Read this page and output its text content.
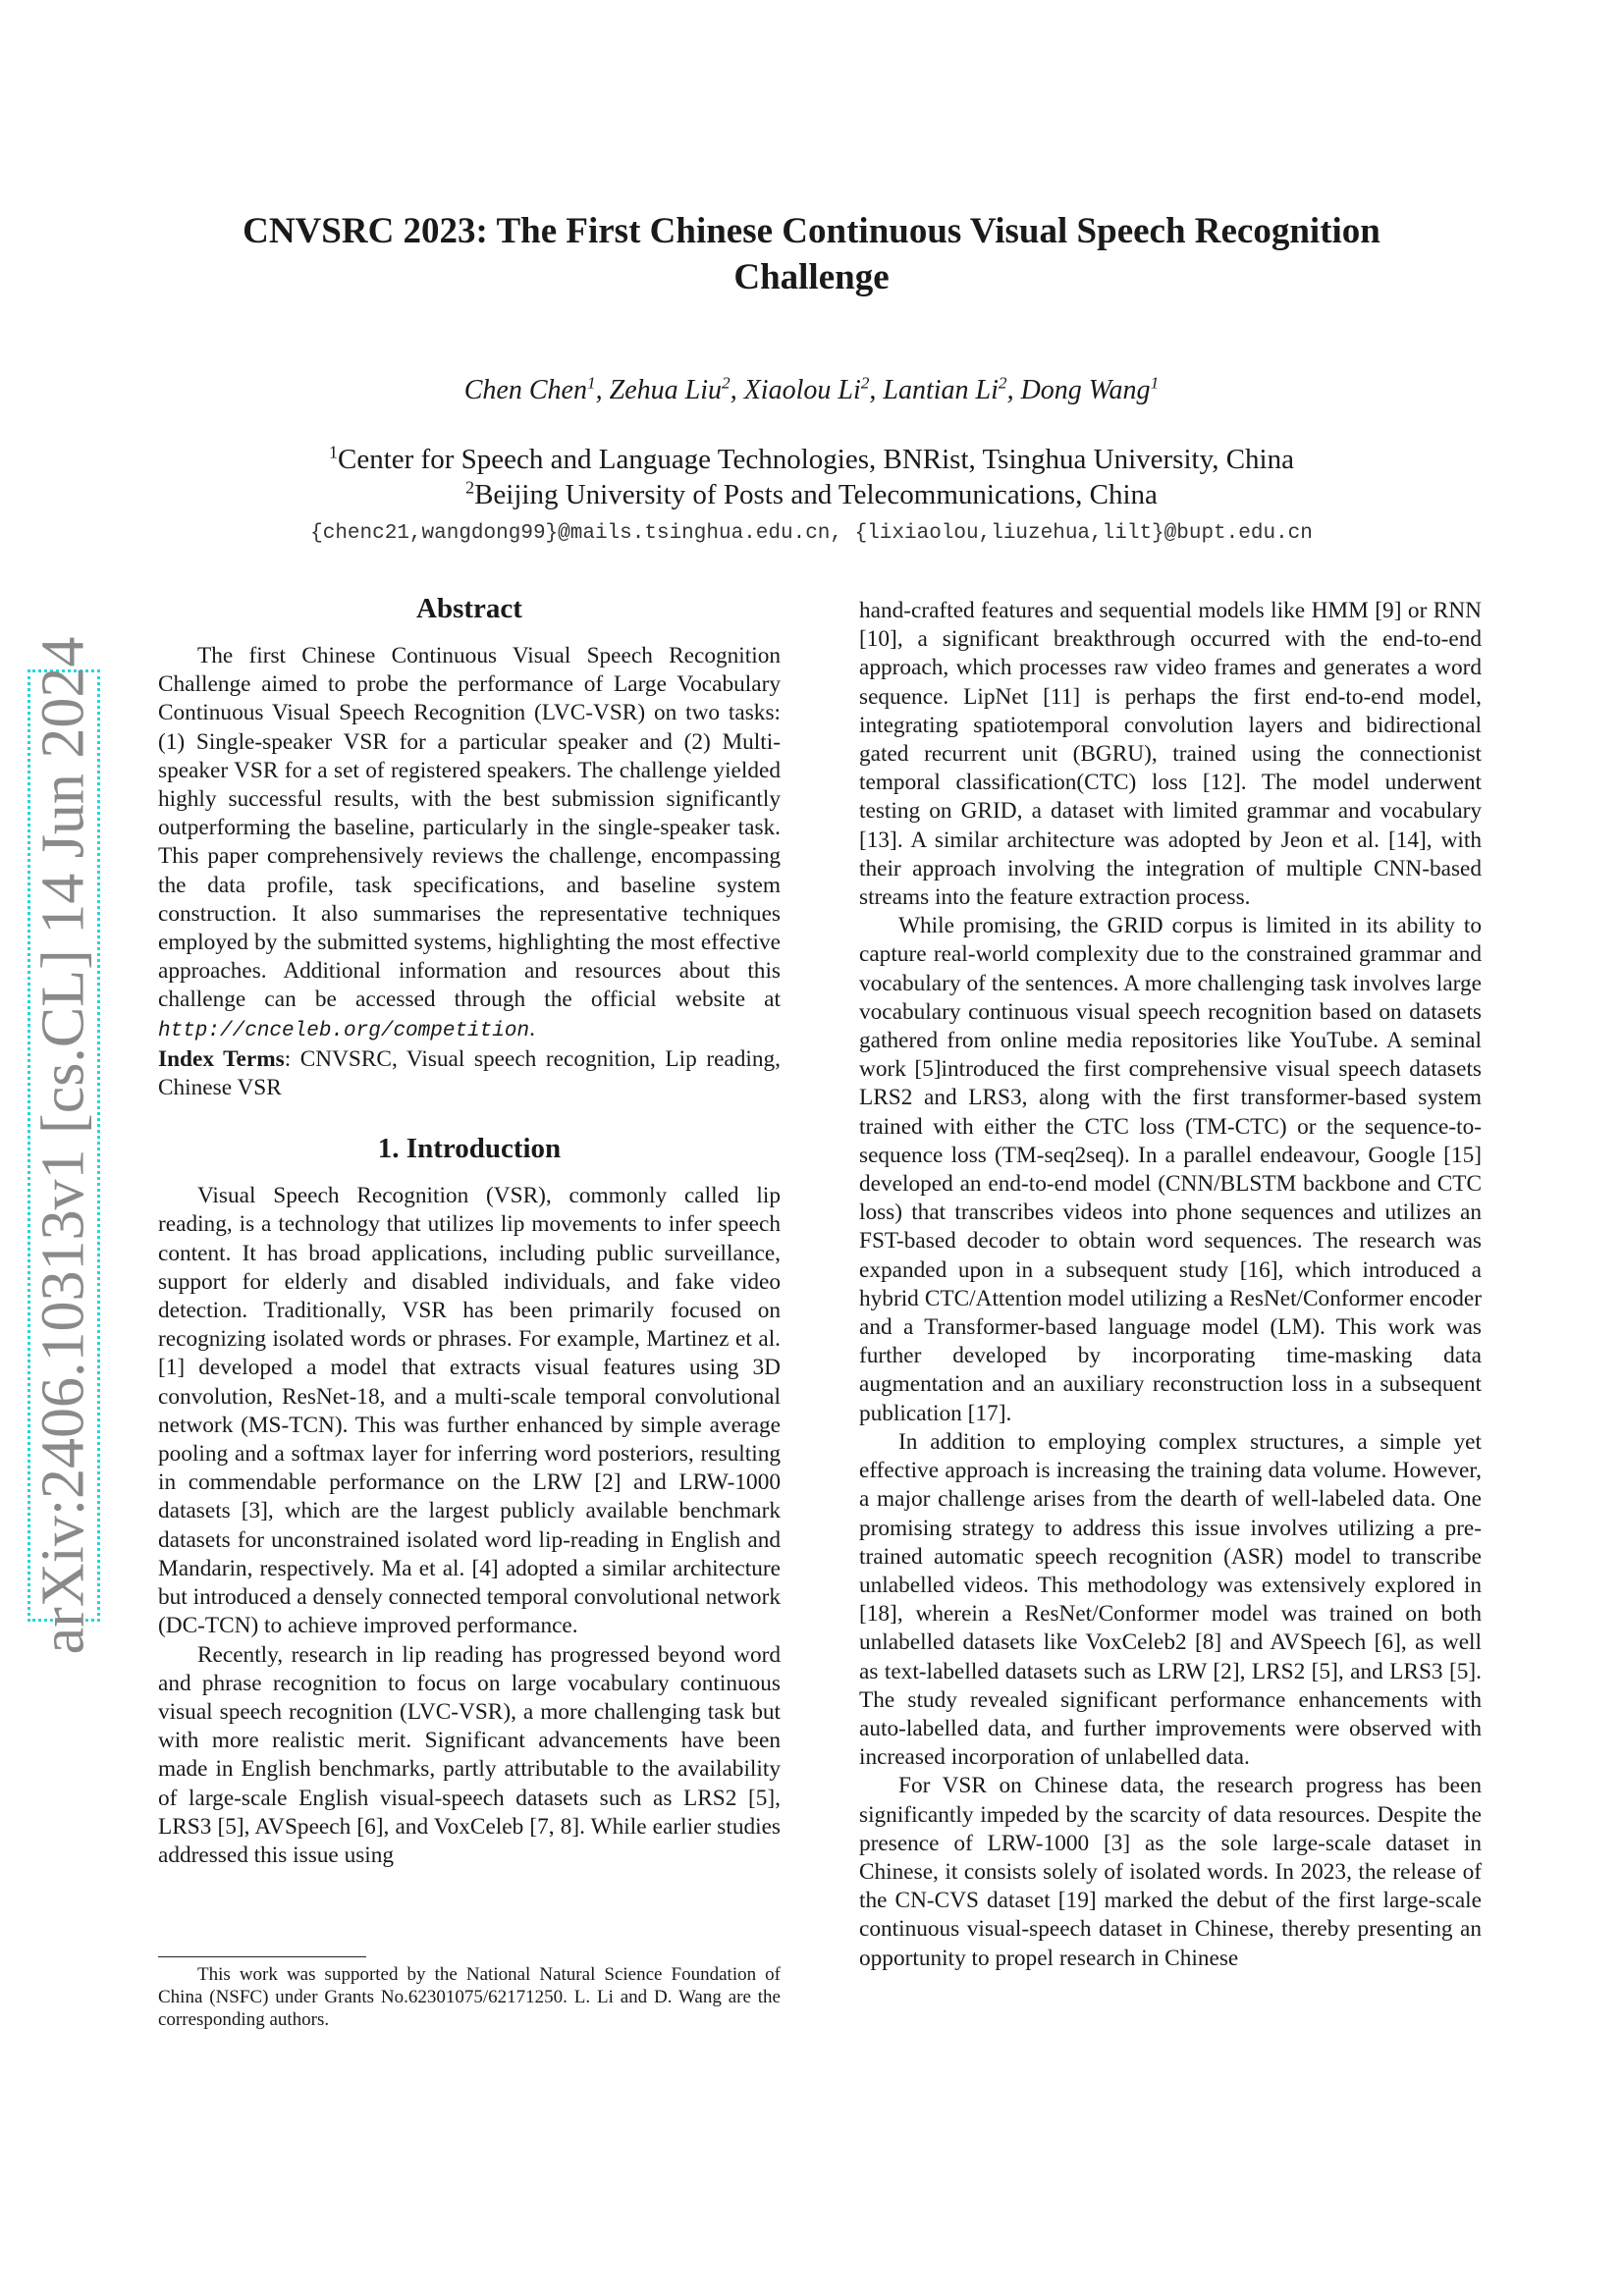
arXiv:2406.10313v1 [cs.CL] 14 Jun 2024
CNVSRC 2023: The First Chinese Continuous Visual Speech Recognition
Challenge
Chen Chen$^1$, Zehua Liu$^2$, Xiaolou Li$^2$, Lantian Li$^2$, Dong Wang$^1$
$^1$Center for Speech and Language Technologies, BNRist, Tsinghua University, China
$^2$Beijing University of Posts and Telecommunications, China
{chenc21,wangdong99}@mails.tsinghua.edu.cn, {lixiaolou,liuzehua,lilt}@bupt.edu.cn
Abstract

The first Chinese Continuous Visual Speech Recognition Challenge aimed to probe the performance of Large Vocabulary Continuous Visual Speech Recognition (LVC-VSR) on two tasks: (1) Single-speaker VSR for a particular speaker and (2) Multi-speaker VSR for a set of registered speakers. The challenge yielded highly successful results, with the best submission significantly outperforming the baseline, particularly in the single-speaker task. This paper comprehensively reviews the challenge, encompassing the data profile, task specifications, and baseline system construction. It also summarises the representative techniques employed by the submitted systems, highlighting the most effective approaches. Additional information and resources about this challenge can be accessed through the official website at http://cnceleb.org/competition.

Index Terms: CNVSRC, Visual speech recognition, Lip reading, Chinese VSR

1. Introduction

Visual Speech Recognition (VSR), commonly called lip reading, is a technology that utilizes lip movements to infer speech content. It has broad applications, including public surveillance, support for elderly and disabled individuals, and fake video detection. Traditionally, VSR has been primarily focused on recognizing isolated words or phrases. For example, Martinez et al. [1] developed a model that extracts visual features using 3D convolution, ResNet-18, and a multi-scale temporal convolutional network (MS-TCN). This was further enhanced by simple average pooling and a softmax layer for inferring word posteriors, resulting in commendable performance on the LRW [2] and LRW-1000 datasets [3], which are the largest publicly available benchmark datasets for unconstrained isolated word lip-reading in English and Mandarin, respectively. Ma et al. [4] adopted a similar architecture but introduced a densely connected temporal convolutional network (DC-TCN) to achieve improved performance.

Recently, research in lip reading has progressed beyond word and phrase recognition to focus on large vocabulary continuous visual speech recognition (LVC-VSR), a more challenging task but with more realistic merit. Significant advancements have been made in English benchmarks, partly attributable to the availability of large-scale English visual-speech datasets such as LRS2 [5], LRS3 [5], AVSpeech [6], and VoxCeleb [7, 8]. While earlier studies addressed this issue using

hand-crafted features and sequential models like HMM [9] or RNN [10], a significant breakthrough occurred with the end-to-end approach, which processes raw video frames and generates a word sequence. LipNet [11] is perhaps the first end-to-end model, integrating spatiotemporal convolution layers and bidirectional gated recurrent unit (BGRU), trained using the connectionist temporal classification(CTC) loss [12]. The model underwent testing on GRID, a dataset with limited grammar and vocabulary [13]. A similar architecture was adopted by Jeon et al. [14], with their approach involving the integration of multiple CNN-based streams into the feature extraction process.

While promising, the GRID corpus is limited in its ability to capture real-world complexity due to the constrained grammar and vocabulary of the sentences. A more challenging task involves large vocabulary continuous visual speech recognition based on datasets gathered from online media repositories like YouTube. A seminal work [5]introduced the first comprehensive visual speech datasets LRS2 and LRS3, along with the first transformer-based system trained with either the CTC loss (TM-CTC) or the sequence-to-sequence loss (TM-seq2seq). In a parallel endeavour, Google [15] developed an end-to-end model (CNN/BLSTM backbone and CTC loss) that transcribes videos into phone sequences and utilizes an FST-based decoder to obtain word sequences. The research was expanded upon in a subsequent study [16], which introduced a hybrid CTC/Attention model utilizing a ResNet/Conformer encoder and a Transformer-based language model (LM). This work was further developed by incorporating time-masking data augmentation and an auxiliary reconstruction loss in a subsequent publication [17].

In addition to employing complex structures, a simple yet effective approach is increasing the training data volume. However, a major challenge arises from the dearth of well-labeled data. One promising strategy to address this issue involves utilizing a pre-trained automatic speech recognition (ASR) model to transcribe unlabelled videos. This methodology was extensively explored in [18], wherein a ResNet/Conformer model was trained on both unlabelled datasets like VoxCeleb2 [8] and AVSpeech [6], as well as text-labelled datasets such as LRW [2], LRS2 [5], and LRS3 [5]. The study revealed significant performance enhancements with auto-labelled data, and further improvements were observed with increased incorporation of unlabelled data.

For VSR on Chinese data, the research progress has been significantly impeded by the scarcity of data resources. Despite the presence of LRW-1000 [3] as the sole large-scale dataset in Chinese, it consists solely of isolated words. In 2023, the release of the CN-CVS dataset [19] marked the debut of the first large-scale continuous visual-speech dataset in Chinese, thereby presenting an opportunity to propel research in Chinese

This work was supported by the National Natural Science Foundation of China (NSFC) under Grants No.62301075/62171250. L. Li and D. Wang are the corresponding authors.
